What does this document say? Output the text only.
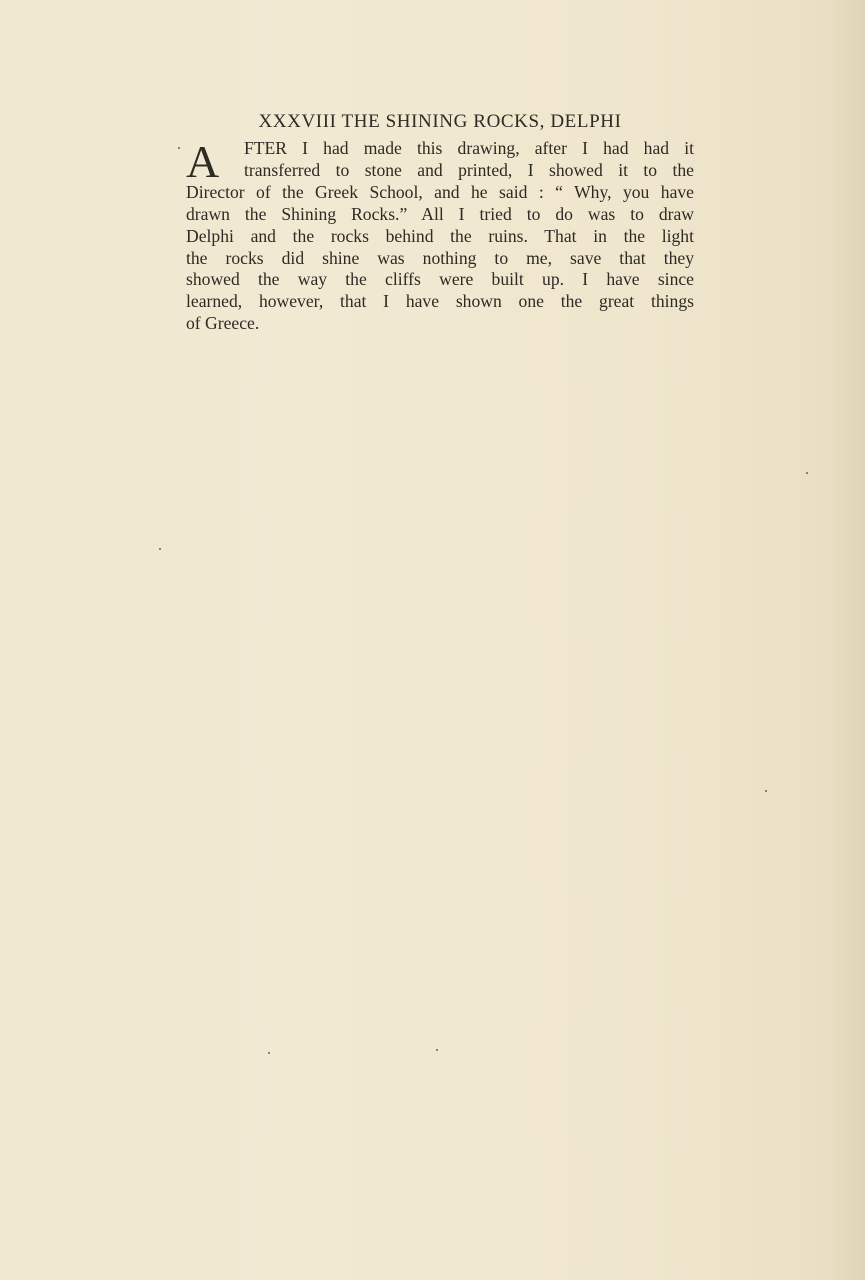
XXXVIII THE SHINING ROCKS, DELPHI
A	FTER I had made this drawing, after I had had it
transferred to stone and printed, I showed it to the
Director of the Greek School, and he said : “ Why, you have
drawn the Shining Rocks.” All I tried to do was to draw
Delphi and the rocks behind the ruins. That in the light
the rocks did shine was nothing to me, save that they
showed the way the cliffs were built up. I have since
learned, however, that I have shown one the great things
of Greece.
